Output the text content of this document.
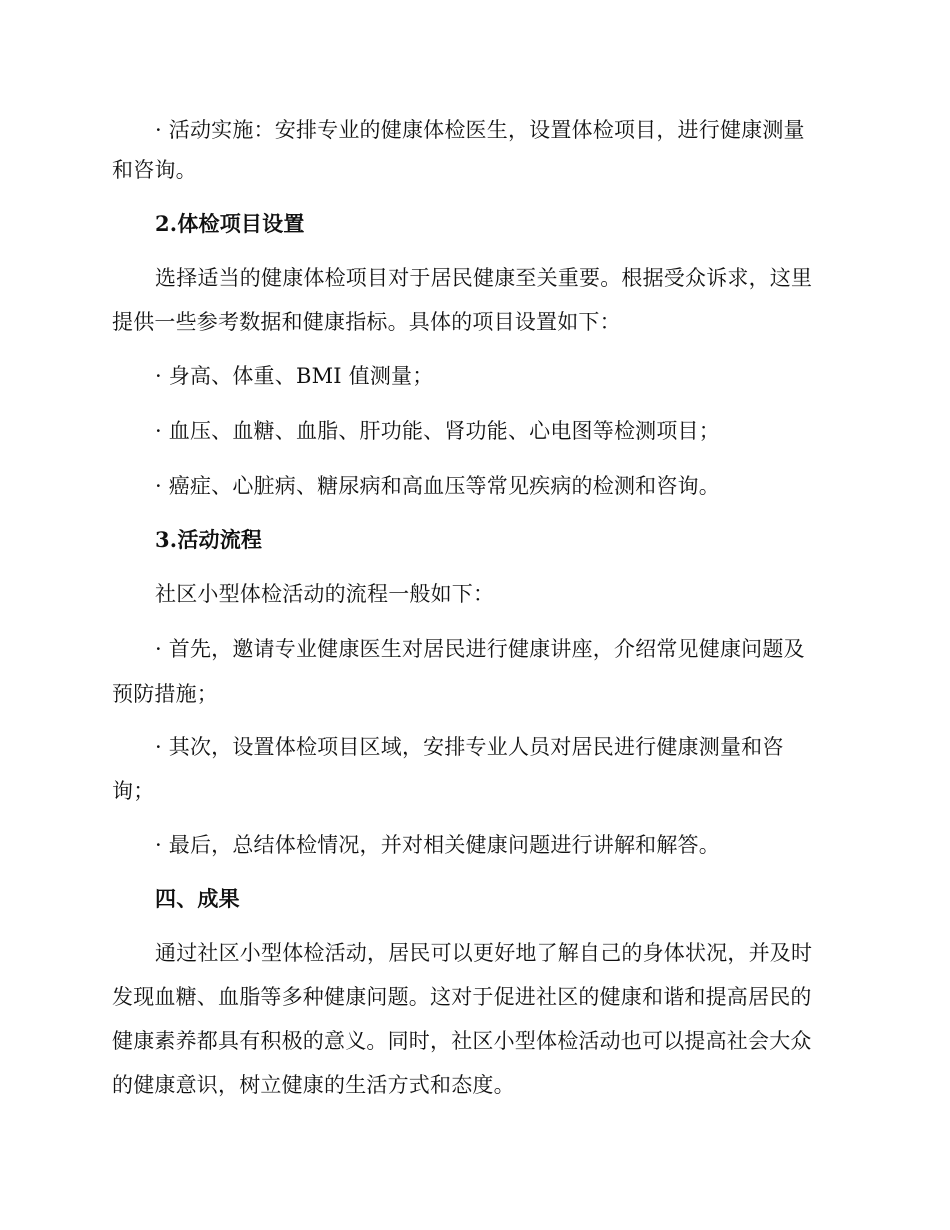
· 活动实施：安排专业的健康体检医生，设置体检项目，进行健康测量
和咨询。
2.体检项目设置
选择适当的健康体检项目对于居民健康至关重要。根据受众诉求，这里
提供一些参考数据和健康指标。具体的项目设置如下：
· 身高、体重、BMI 值测量；
· 血压、血糖、血脂、肝功能、肾功能、心电图等检测项目；
· 癌症、心脏病、糖尿病和高血压等常见疾病的检测和咨询。
3.活动流程
社区小型体检活动的流程一般如下：
· 首先，邀请专业健康医生对居民进行健康讲座，介绍常见健康问题及
预防措施；
· 其次，设置体检项目区域，安排专业人员对居民进行健康测量和咨
询；
· 最后，总结体检情况，并对相关健康问题进行讲解和解答。
四、成果
通过社区小型体检活动，居民可以更好地了解自己的身体状况，并及时
发现血糖、血脂等多种健康问题。这对于促进社区的健康和谐和提高居民的
健康素养都具有积极的意义。同时，社区小型体检活动也可以提高社会大众
的健康意识，树立健康的生活方式和态度。
